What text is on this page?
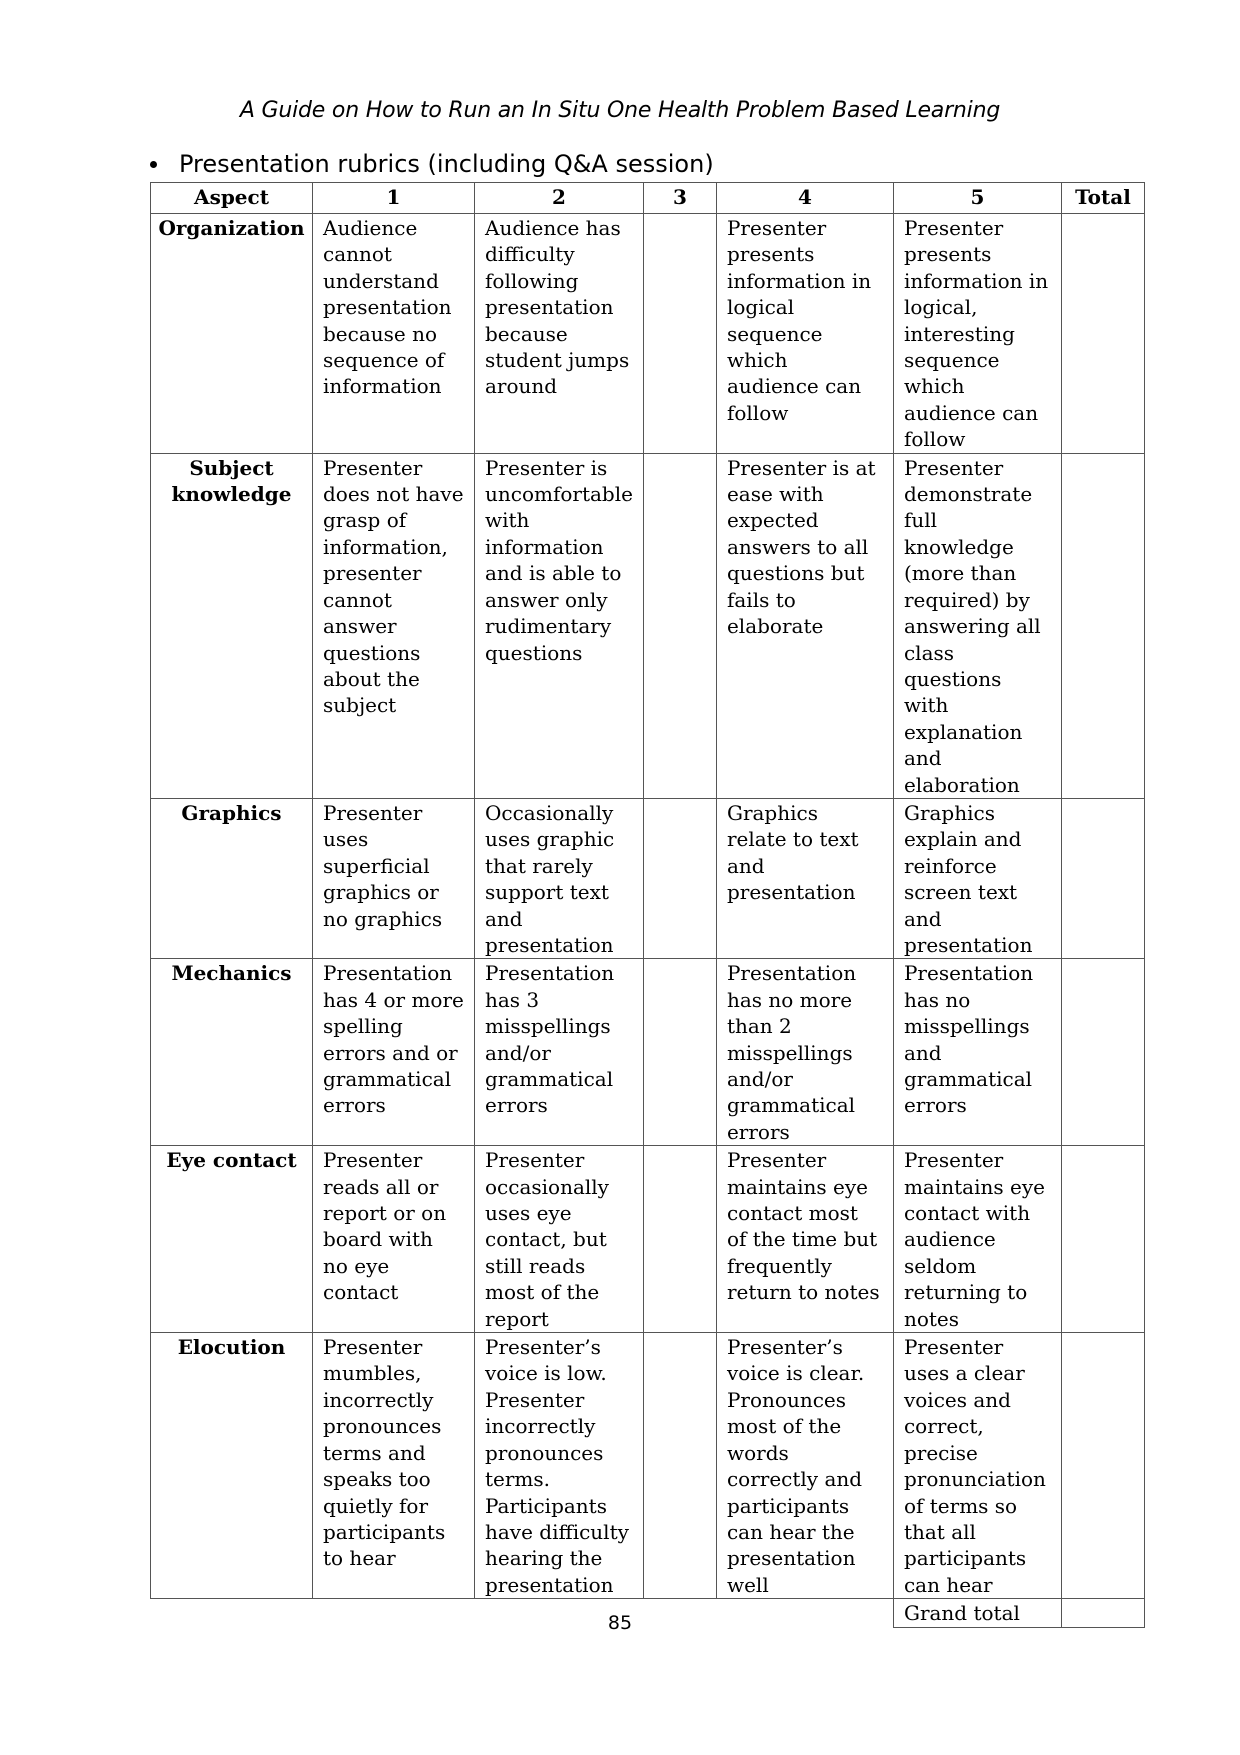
A Guide on How to Run an In Situ One Health Problem Based Learning
Presentation rubrics (including Q&A session)
Aspect	1	2	3	4	5	Total
Organization	Audience cannot understand presentation because no sequence of information	Audience has difficulty following presentation because student jumps around		Presenter presents information in logical sequence which audience can follow	Presenter presents information in logical, interesting sequence which audience can follow	
Subject knowledge	Presenter does not have grasp of information, presenter cannot answer questions about the subject	Presenter is uncomfortable with information and is able to answer only rudimentary questions		Presenter is at ease with expected answers to all questions but fails to elaborate	Presenter demonstrate full knowledge (more than required) by answering all class questions with explanation and elaboration	
Graphics	Presenter uses superficial graphics or no graphics	Occasionally uses graphic that rarely support text and presentation		Graphics relate to text and presentation	Graphics explain and reinforce screen text and presentation	
Mechanics	Presentation has 4 or more spelling errors and or grammatical errors	Presentation has 3 misspellings and/or grammatical errors		Presentation has no more than 2 misspellings and/or grammatical errors	Presentation has no misspellings and grammatical errors	
Eye contact	Presenter reads all or report or on board with no eye contact	Presenter occasionally uses eye contact, but still reads most of the report		Presenter maintains eye contact most of the time but frequently return to notes	Presenter maintains eye contact with audience seldom returning to notes	
Elocution	Presenter mumbles, incorrectly pronounces terms and speaks too quietly for participants to hear	Presenter’s voice is low. Presenter incorrectly pronounces terms. Participants have difficulty hearing the presentation		Presenter’s voice is clear. Pronounces most of the words correctly and participants can hear the presentation well	Presenter uses a clear voices and correct, precise pronunciation of terms so that all participants can hear	
					Grand total	
85
